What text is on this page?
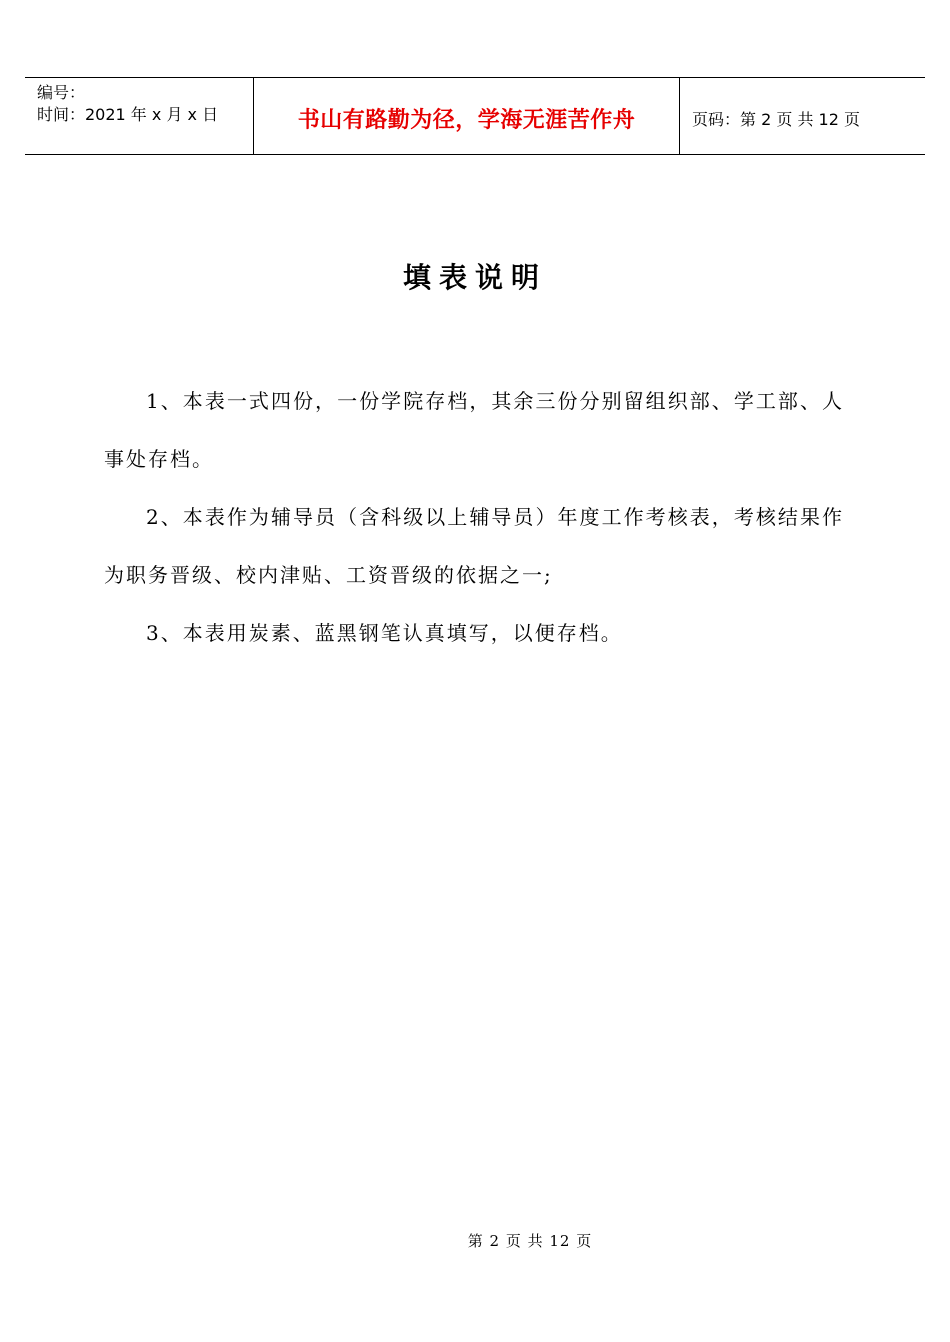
编号：
时间：2021 年 x 月 x 日	书山有路勤为径，学海无涯苦作舟	页码：第 2 页 共 12 页
填表说明

1、本表一式四份，一份学院存档，其余三份分别留组织部、学工部、人事处存档。

2、本表作为辅导员（含科级以上辅导员）年度工作考核表，考核结果作为职务晋级、校内津贴、工资晋级的依据之一;

3、本表用炭素、蓝黑钢笔认真填写，以便存档。

第 2 页 共 12 页
